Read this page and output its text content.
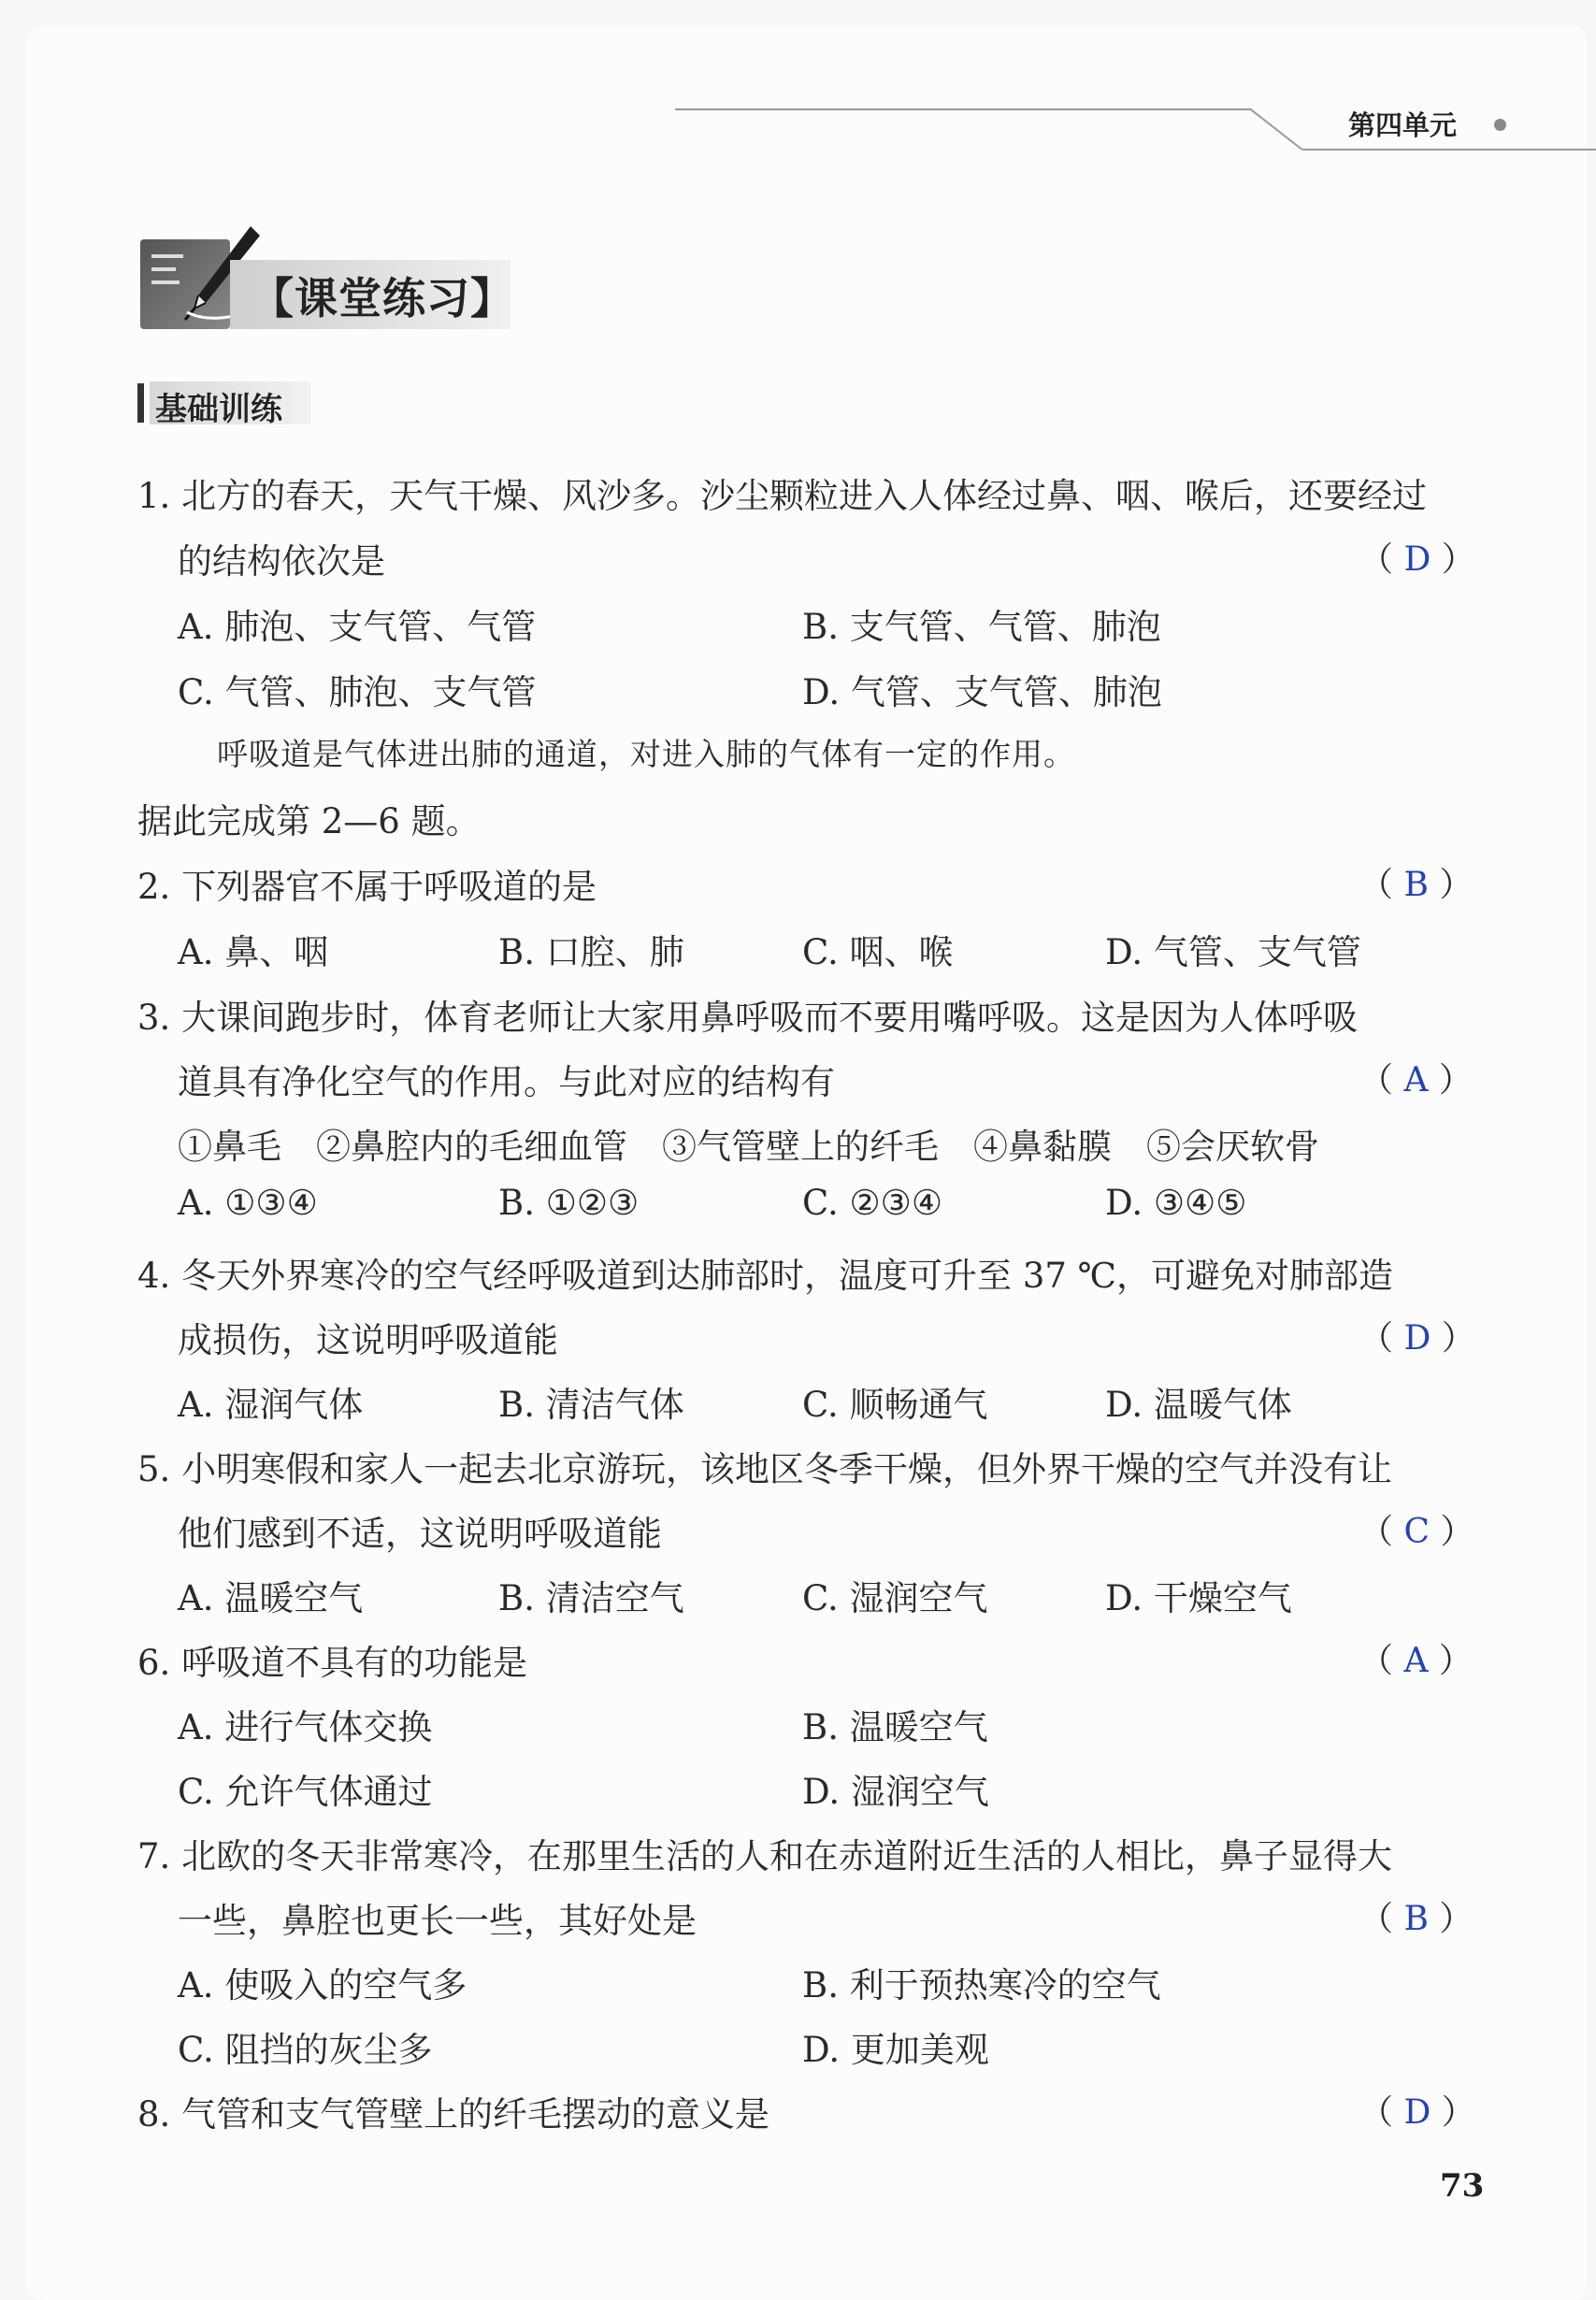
第四单元
【课堂练习】
基础训练
1. 北方的春天，天气干燥、风沙多。沙尘颗粒进入人体经过鼻、咽、喉后，还要经过
的结构依次是
A. 肺泡、支气管、气管	B. 支气管、气管、肺泡
C. 气管、肺泡、支气管	D. 气管、支气管、肺泡
呼吸道是气体进出肺的通道，对进入肺的气体有一定的作用。
据此完成第 2—6 题。
2. 下列器官不属于呼吸道的是
A. 鼻、咽	B. 口腔、肺	C. 咽、喉	D. 气管、支气管
3. 大课间跑步时，体育老师让大家用鼻呼吸而不要用嘴呼吸。这是因为人体呼吸
道具有净化空气的作用。与此对应的结构有
①鼻毛　②鼻腔内的毛细血管　③气管壁上的纤毛　④鼻黏膜　⑤会厌软骨
A. ①③④	B. ①②③	C. ②③④	D. ③④⑤
4. 冬天外界寒冷的空气经呼吸道到达肺部时，温度可升至 37 ℃，可避免对肺部造
成损伤，这说明呼吸道能
A. 湿润气体	B. 清洁气体	C. 顺畅通气	D. 温暖气体
5. 小明寒假和家人一起去北京游玩，该地区冬季干燥，但外界干燥的空气并没有让
他们感到不适，这说明呼吸道能
A. 温暖空气	B. 清洁空气	C. 湿润空气	D. 干燥空气
6. 呼吸道不具有的功能是
A. 进行气体交换	B. 温暖空气
C. 允许气体通过	D. 湿润空气
7. 北欧的冬天非常寒冷，在那里生活的人和在赤道附近生活的人相比，鼻子显得大
一些，鼻腔也更长一些，其好处是
A. 使吸入的空气多	B. 利于预热寒冷的空气
C. 阻挡的灰尘多	D. 更加美观
8. 气管和支气管壁上的纤毛摆动的意义是
（ D ）
（ B ）
（ A ）
（ D ）
（ C ）
（ A ）
（ B ）
（ D ）
73
